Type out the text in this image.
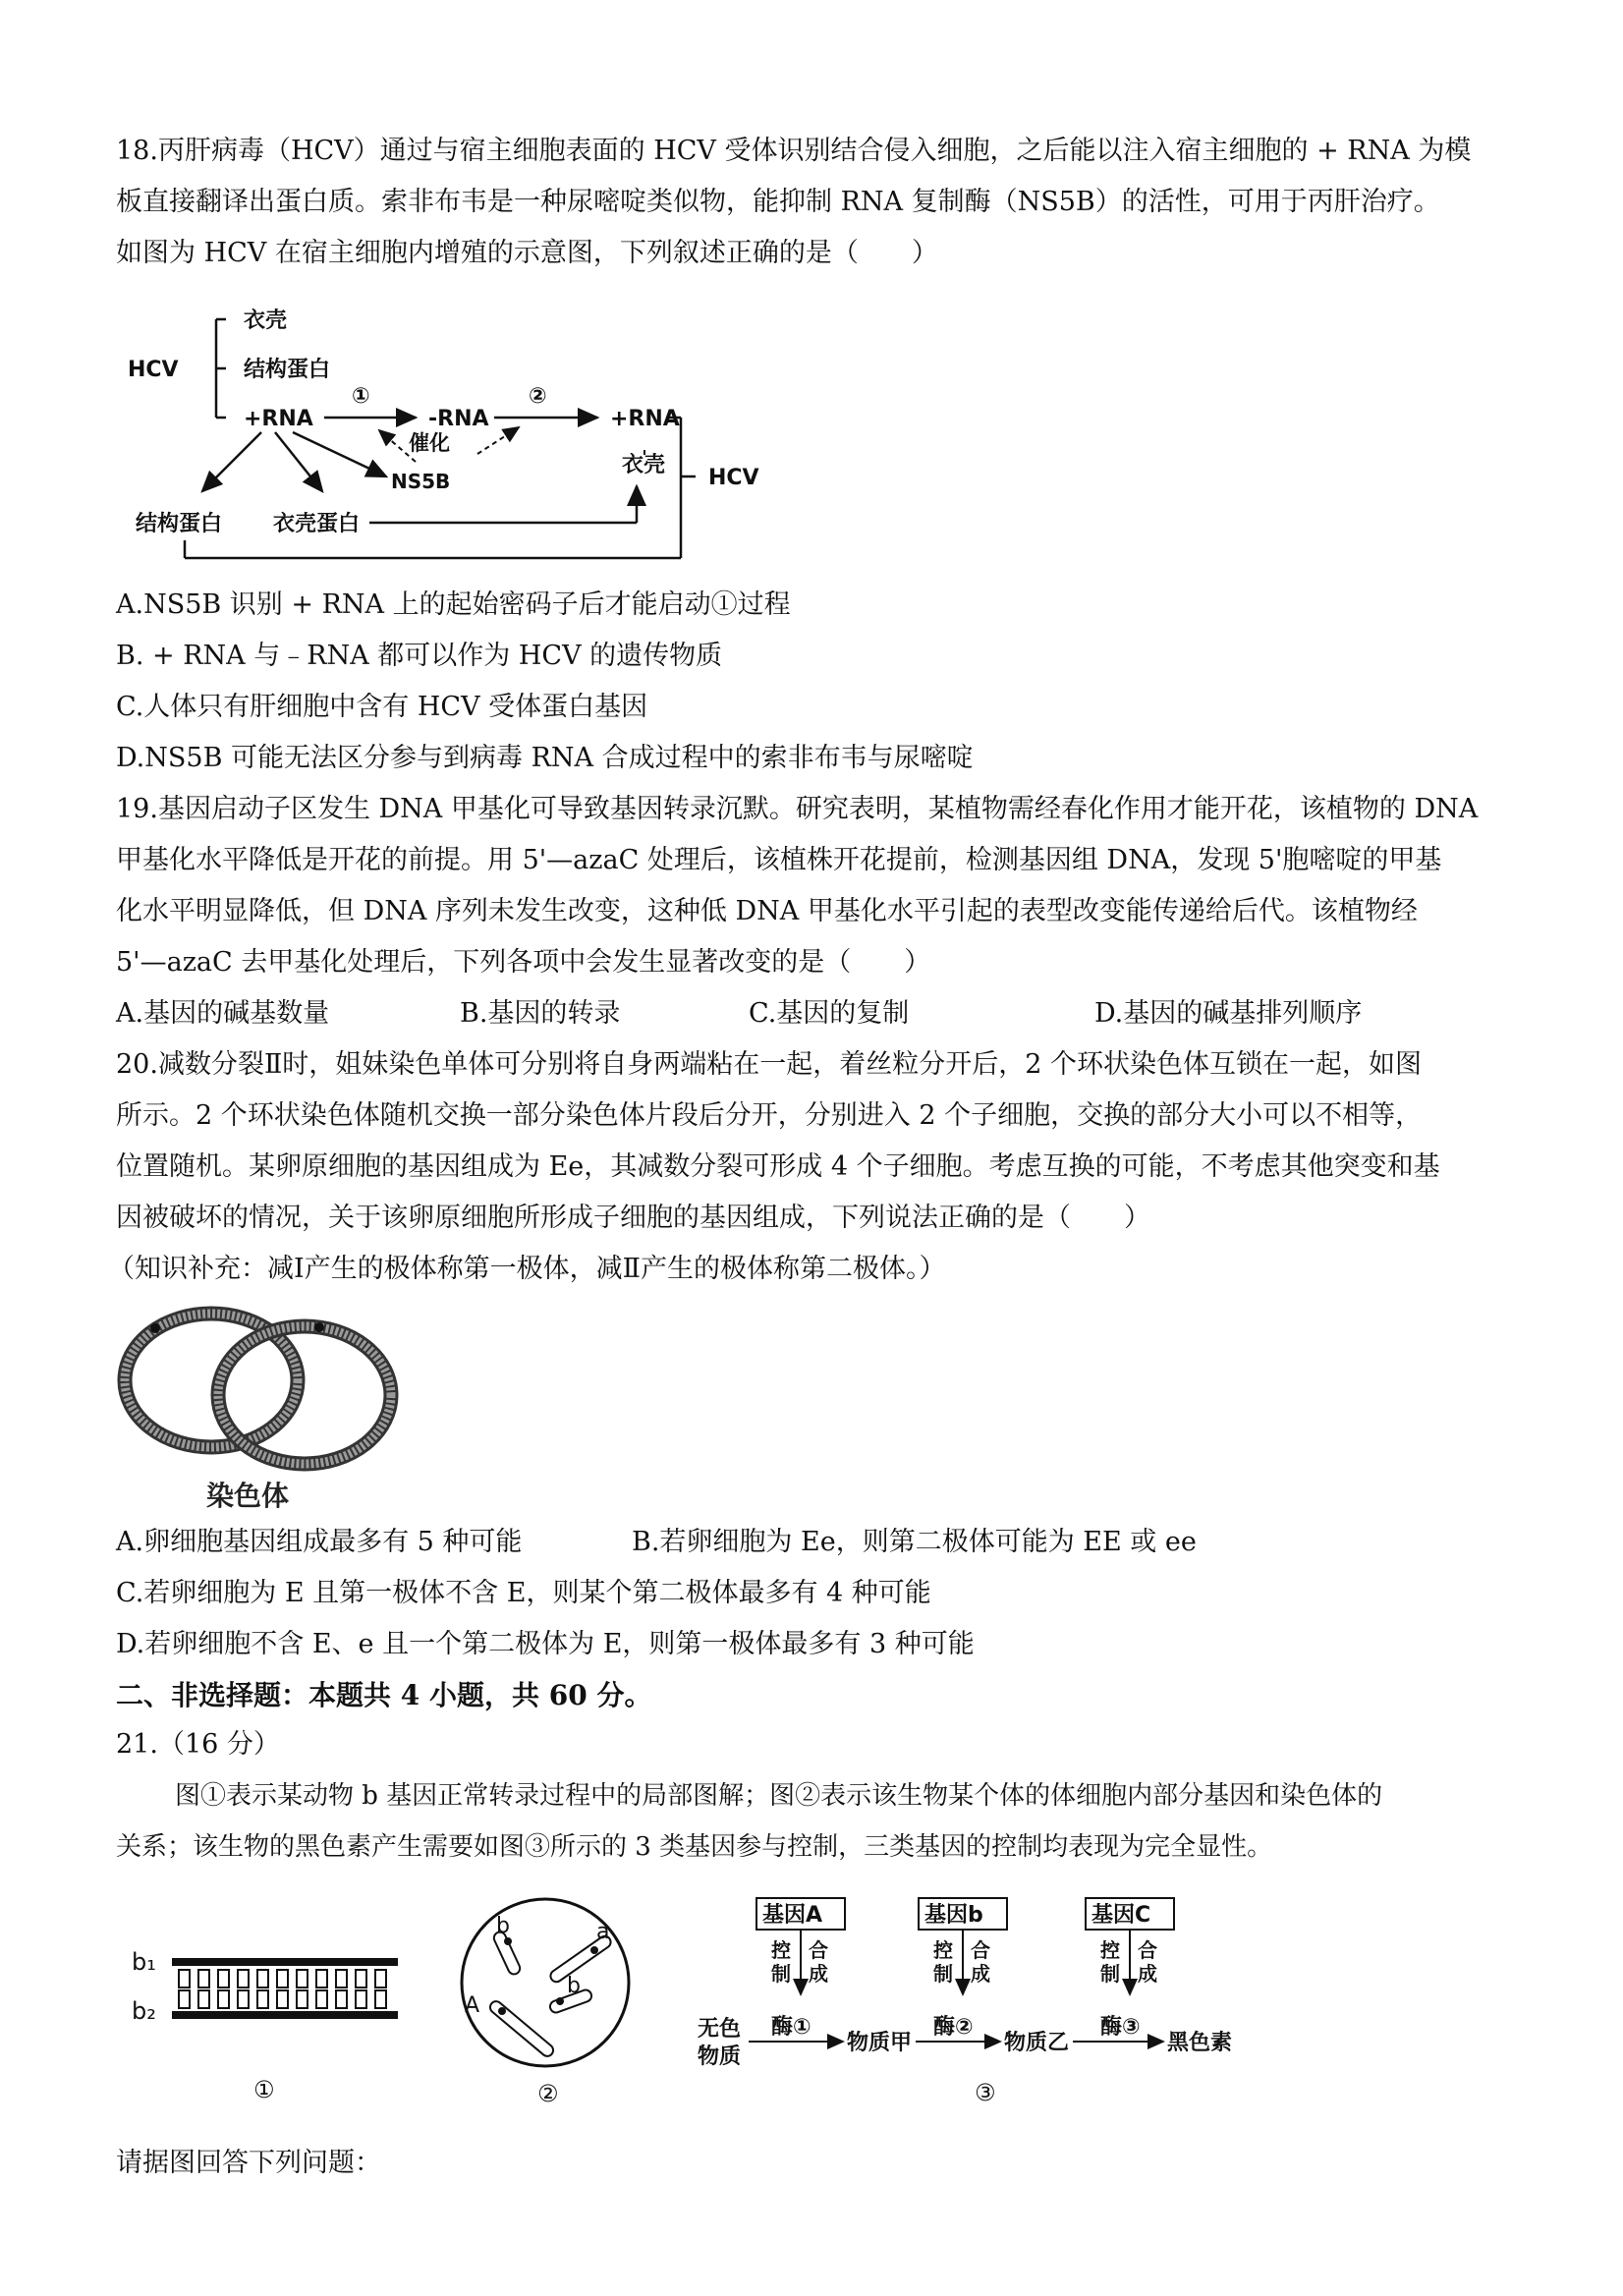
18.丙肝病毒（HCV）通过与宿主细胞表面的 HCV 受体识别结合侵入细胞，之后能以注入宿主细胞的 + RNA 为模
板直接翻译出蛋白质。索非布韦是一种尿嘧啶类似物，能抑制 RNA 复制酶（NS5B）的活性，可用于丙肝治疗。
如图为 HCV 在宿主细胞内增殖的示意图，下列叙述正确的是（　　）
HCV
衣壳
结构蛋白
+RNA
①
-RNA
②
+RNA
催化
NS5B	HCV
衣壳
结构蛋白 衣壳蛋白
A.NS5B 识别 + RNA 上的起始密码子后才能启动①过程
B. + RNA 与﹣RNA 都可以作为 HCV 的遗传物质
C.人体只有肝细胞中含有 HCV 受体蛋白基因
D.NS5B 可能无法区分参与到病毒 RNA 合成过程中的索非布韦与尿嘧啶
19.基因启动子区发生 DNA 甲基化可导致基因转录沉默。研究表明，某植物需经春化作用才能开花，该植物的 DNA
甲基化水平降低是开花的前提。用 5'—azaC 处理后，该植株开花提前，检测基因组 DNA，发现 5'胞嘧啶的甲基
化水平明显降低，但 DNA 序列未发生改变，这种低 DNA 甲基化水平引起的表型改变能传递给后代。该植物经
5'—azaC 去甲基化处理后，下列各项中会发生显著改变的是（　　）
A.基因的碱基数量	B.基因的转录	C.基因的复制	D.基因的碱基排列顺序
20.减数分裂Ⅱ时，姐妹染色单体可分别将自身两端粘在一起，着丝粒分开后，2 个环状染色体互锁在一起，如图
所示。2 个环状染色体随机交换一部分染色体片段后分开，分别进入 2 个子细胞，交换的部分大小可以不相等，
位置随机。某卵原细胞的基因组成为 Ee，其减数分裂可形成 4 个子细胞。考虑互换的可能，不考虑其他突变和基
因被破坏的情况，关于该卵原细胞所形成子细胞的基因组成，下列说法正确的是（　　）
（知识补充：减Ⅰ产生的极体称第一极体，减Ⅱ产生的极体称第二极体。）
染色体
A.卵细胞基因组成最多有 5 种可能	B.若卵细胞为 Ee，则第二极体可能为 EE 或 ee
C.若卵细胞为 E 且第一极体不含 E，则某个第二极体最多有 4 种可能
D.若卵细胞不含 E、e 且一个第二极体为 E，则第一极体最多有 3 种可能
二、非选择题：本题共 4 小题，共 60 分。
21.（16 分）
图①表示某动物 b 基因正常转录过程中的局部图解；图②表示该生物某个体的体细胞内部分基因和染色体的
关系；该生物的黑色素产生需要如图③所示的 3 类基因参与控制，三类基因的控制均表现为完全显性。
b₁
b₂
①
b	a
b
A
②
基因A	基因b	基因C
控制
合成
控制
合成
控制
合成
无色
物质
酶①
物质甲
酶②
物质乙
酶③
黑色素
③
请据图回答下列问题：
